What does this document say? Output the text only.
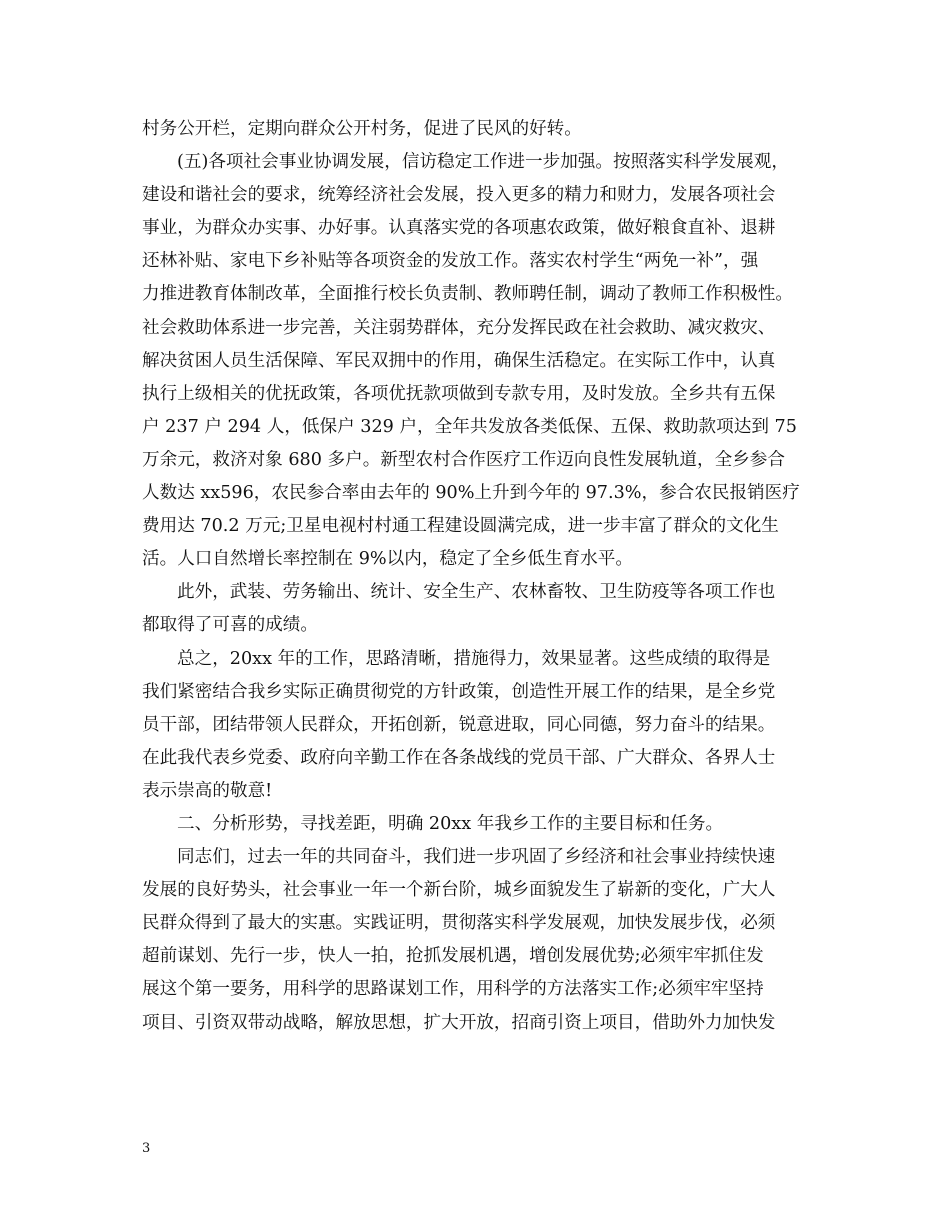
村务公开栏，定期向群众公开村务，促进了民风的好转。
(五)各项社会事业协调发展，信访稳定工作进一步加强。按照落实科学发展观，
建设和谐社会的要求，统筹经济社会发展，投入更多的精力和财力，发展各项社会
事业，为群众办实事、办好事。认真落实党的各项惠农政策，做好粮食直补、退耕
还林补贴、家电下乡补贴等各项资金的发放工作。落实农村学生“两免一补”，强
力推进教育体制改革，全面推行校长负责制、教师聘任制，调动了教师工作积极性。
社会救助体系进一步完善，关注弱势群体，充分发挥民政在社会救助、减灾救灾、
解决贫困人员生活保障、军民双拥中的作用，确保生活稳定。在实际工作中，认真
执行上级相关的优抚政策，各项优抚款项做到专款专用，及时发放。全乡共有五保
户 237 户 294 人，低保户 329 户，全年共发放各类低保、五保、救助款项达到 75
万余元，救济对象 680 多户。新型农村合作医疗工作迈向良性发展轨道，全乡参合
人数达 xx596，农民参合率由去年的 90%上升到今年的 97.3%，参合农民报销医疗
费用达 70.2 万元;卫星电视村村通工程建设圆满完成，进一步丰富了群众的文化生
活。人口自然增长率控制在 9%以内，稳定了全乡低生育水平。
此外，武装、劳务输出、统计、安全生产、农林畜牧、卫生防疫等各项工作也
都取得了可喜的成绩。
总之，20xx 年的工作，思路清晰，措施得力，效果显著。这些成绩的取得是
我们紧密结合我乡实际正确贯彻党的方针政策，创造性开展工作的结果，是全乡党
员干部，团结带领人民群众，开拓创新，锐意进取，同心同德，努力奋斗的结果。
在此我代表乡党委、政府向辛勤工作在各条战线的党员干部、广大群众、各界人士
表示崇高的敬意!
二、分析形势，寻找差距，明确 20xx 年我乡工作的主要目标和任务。
同志们，过去一年的共同奋斗，我们进一步巩固了乡经济和社会事业持续快速
发展的良好势头，社会事业一年一个新台阶，城乡面貌发生了崭新的变化，广大人
民群众得到了最大的实惠。实践证明，贯彻落实科学发展观，加快发展步伐，必须
超前谋划、先行一步，快人一拍，抢抓发展机遇，增创发展优势;必须牢牢抓住发
展这个第一要务，用科学的思路谋划工作，用科学的方法落实工作;必须牢牢坚持
项目、引资双带动战略，解放思想，扩大开放，招商引资上项目，借助外力加快发
3
